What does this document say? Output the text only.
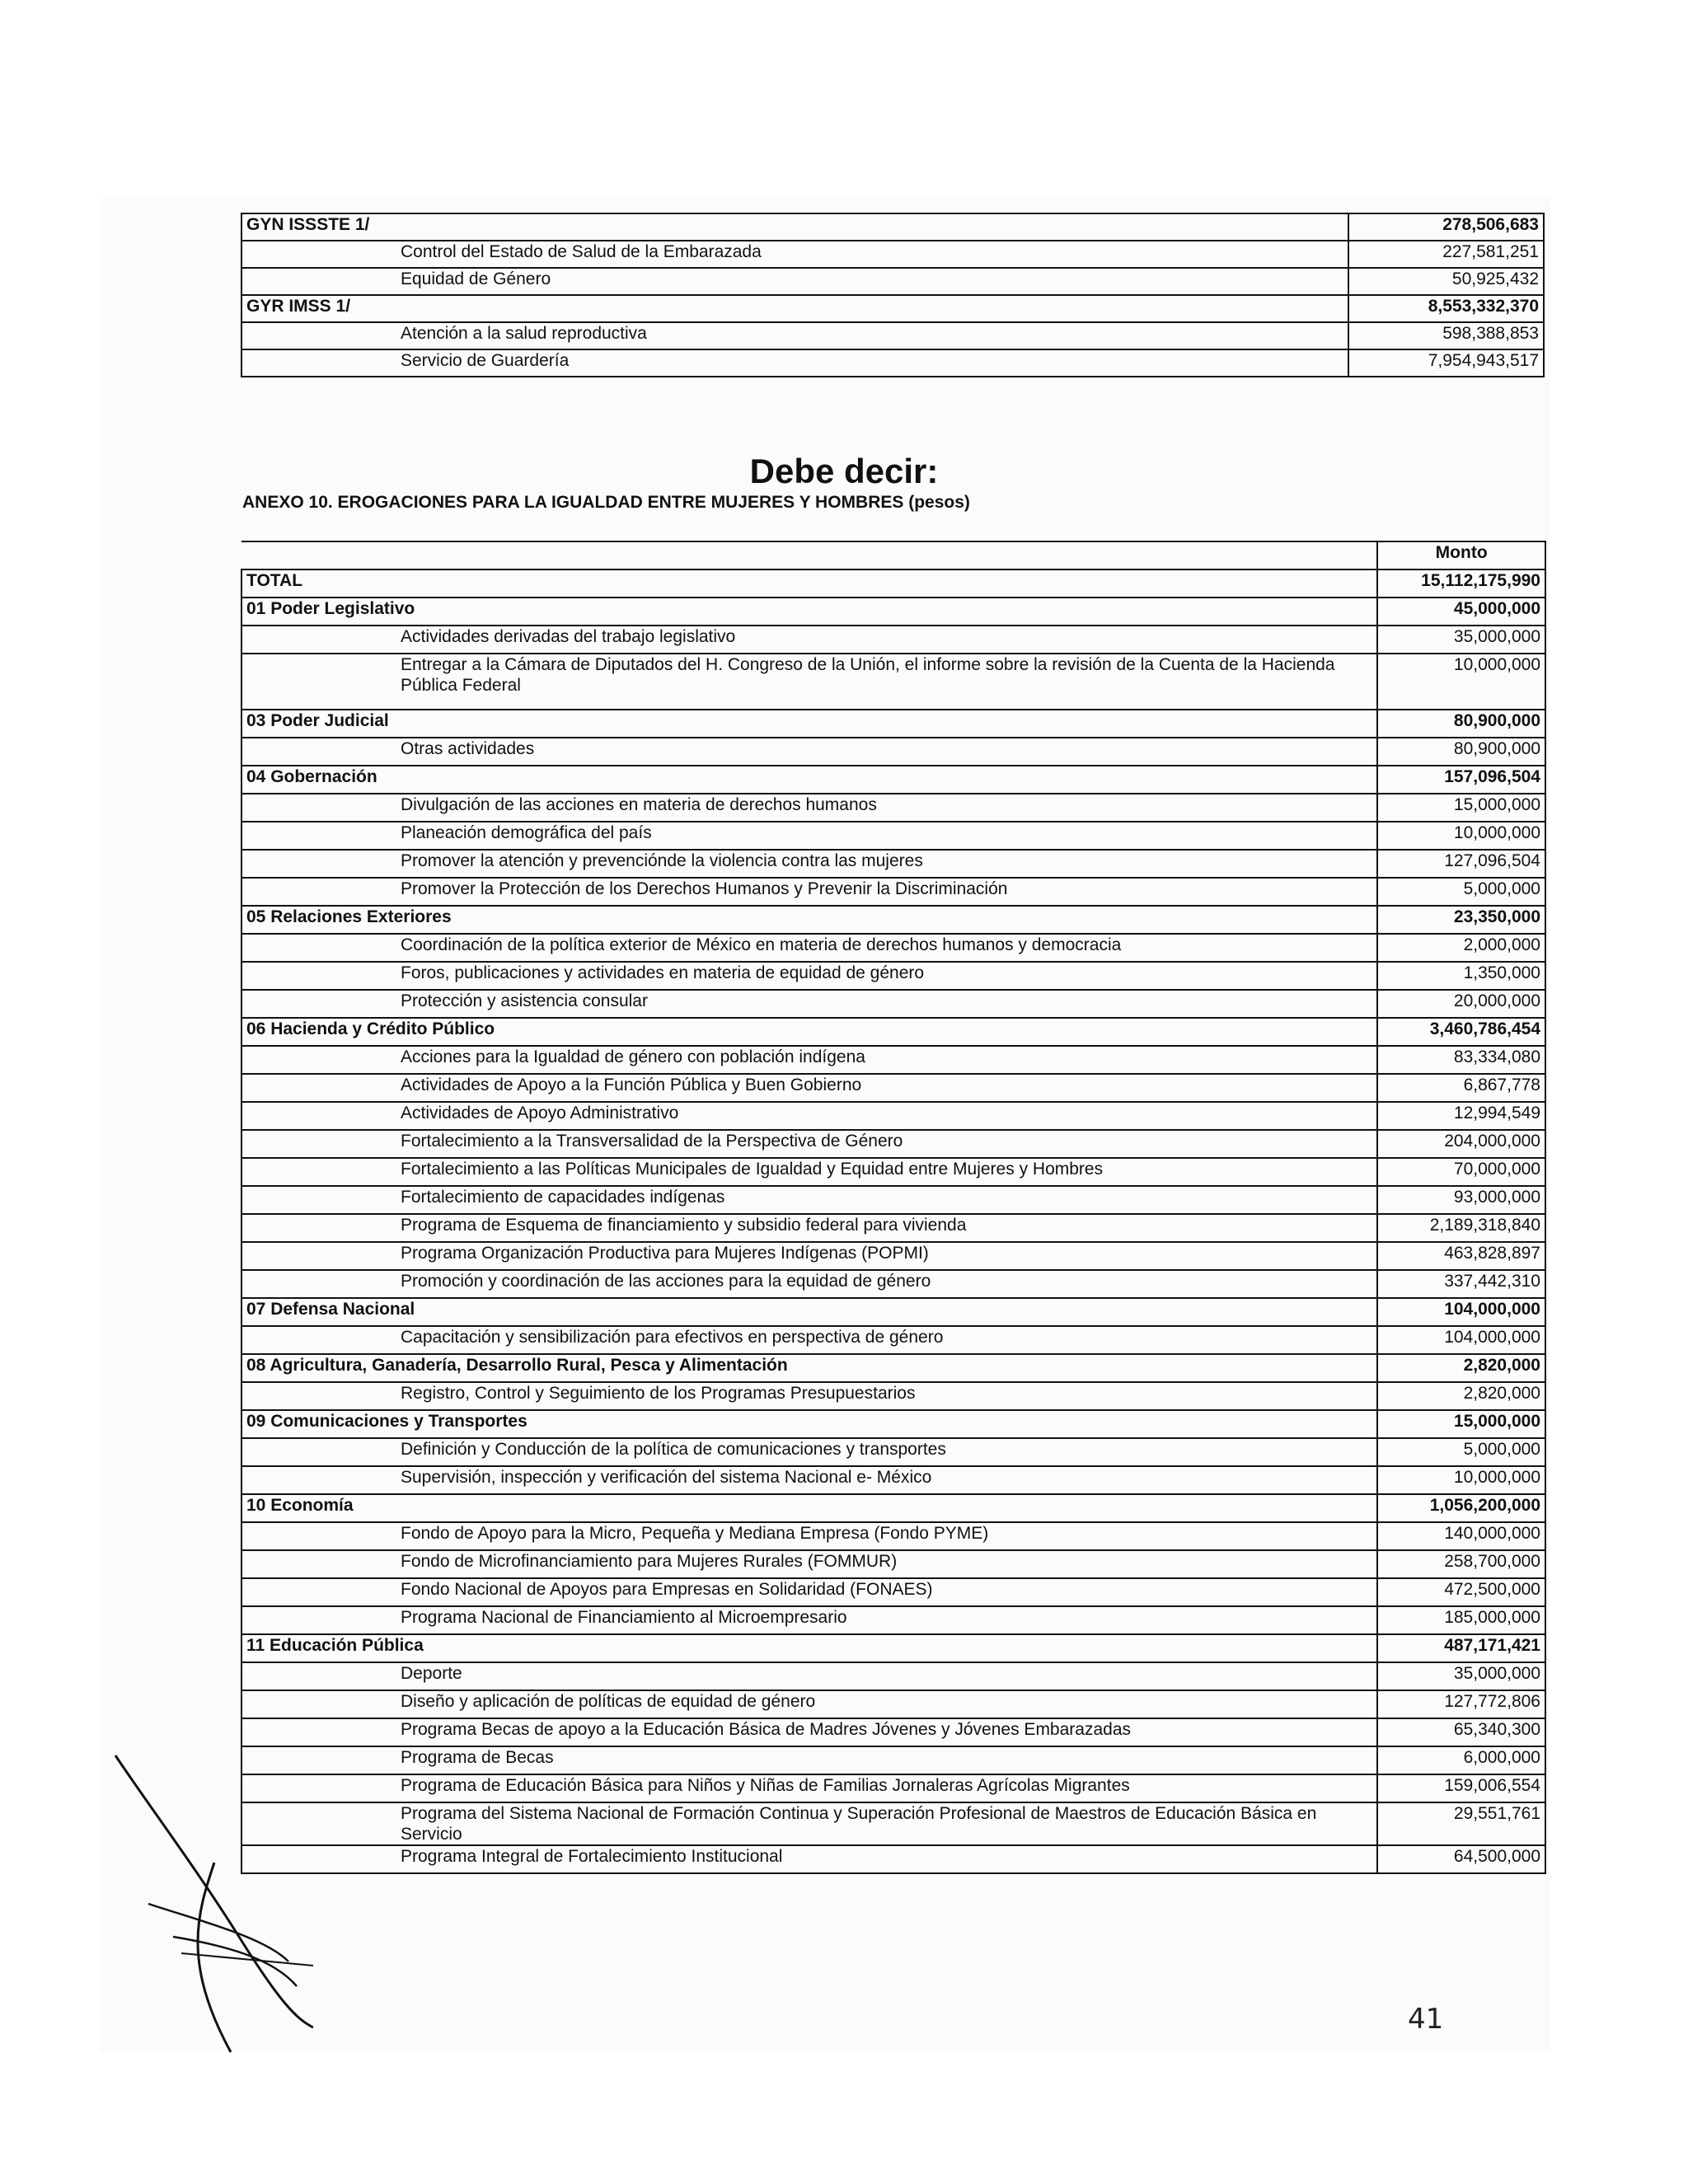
GYN ISSSTE 1/	278,506,683
Control del Estado de Salud de la Embarazada	227,581,251
Equidad de Género	50,925,432
GYR IMSS 1/	8,553,332,370
Atención a la salud reproductiva	598,388,853
Servicio de Guardería	7,954,943,517
Debe decir:
ANEXO 10. EROGACIONES PARA LA IGUALDAD ENTRE MUJERES Y HOMBRES (pesos)
	Monto
TOTAL	15,112,175,990
01 Poder Legislativo	45,000,000
Actividades derivadas del trabajo legislativo	35,000,000
Entregar a la Cámara de Diputados del H. Congreso de la Unión, el informe sobre la revisión de la Cuenta de la Hacienda Pública Federal	10,000,000
03 Poder Judicial	80,900,000
Otras actividades	80,900,000
04 Gobernación	157,096,504
Divulgación de las acciones en materia de derechos humanos	15,000,000
Planeación demográfica del país	10,000,000
Promover la atención y prevenciónde la violencia contra las mujeres	127,096,504
Promover la Protección de los Derechos Humanos y Prevenir la Discriminación	5,000,000
05 Relaciones Exteriores	23,350,000
Coordinación de la política exterior de México en materia de derechos humanos y democracia	2,000,000
Foros, publicaciones y actividades en materia de equidad de género	1,350,000
Protección y asistencia consular	20,000,000
06 Hacienda y Crédito Público	3,460,786,454
Acciones para la Igualdad de género con población indígena	83,334,080
Actividades de Apoyo a la Función Pública y Buen Gobierno	6,867,778
Actividades de Apoyo Administrativo	12,994,549
Fortalecimiento a la Transversalidad de la Perspectiva de Género	204,000,000
Fortalecimiento a las Políticas Municipales de Igualdad y Equidad entre Mujeres y Hombres	70,000,000
Fortalecimiento de capacidades indígenas	93,000,000
Programa de Esquema de financiamiento y subsidio federal para vivienda	2,189,318,840
Programa Organización Productiva para Mujeres Indígenas (POPMI)	463,828,897
Promoción y coordinación de las acciones para la equidad de género	337,442,310
07 Defensa Nacional	104,000,000
Capacitación y sensibilización para efectivos en perspectiva de género	104,000,000
08 Agricultura, Ganadería, Desarrollo Rural, Pesca y Alimentación	2,820,000
Registro, Control y Seguimiento de los Programas Presupuestarios	2,820,000
09 Comunicaciones y Transportes	15,000,000
Definición y Conducción de la política de comunicaciones y transportes	5,000,000
Supervisión, inspección y verificación del sistema Nacional e- México	10,000,000
10 Economía	1,056,200,000
Fondo de Apoyo para la Micro, Pequeña y Mediana Empresa (Fondo PYME)	140,000,000
Fondo de Microfinanciamiento para Mujeres Rurales (FOMMUR)	258,700,000
Fondo Nacional de Apoyos para Empresas en Solidaridad (FONAES)	472,500,000
Programa Nacional de Financiamiento al Microempresario	185,000,000
11 Educación Pública	487,171,421
Deporte	35,000,000
Diseño y aplicación de políticas de equidad de género	127,772,806
Programa Becas de apoyo a la Educación Básica de Madres Jóvenes y Jóvenes Embarazadas	65,340,300
Programa de Becas	6,000,000
Programa de Educación Básica para Niños y Niñas de Familias Jornaleras Agrícolas Migrantes	159,006,554
Programa del Sistema Nacional de Formación Continua y Superación Profesional de Maestros de Educación Básica en Servicio	29,551,761
Programa Integral de Fortalecimiento Institucional	64,500,000
41
